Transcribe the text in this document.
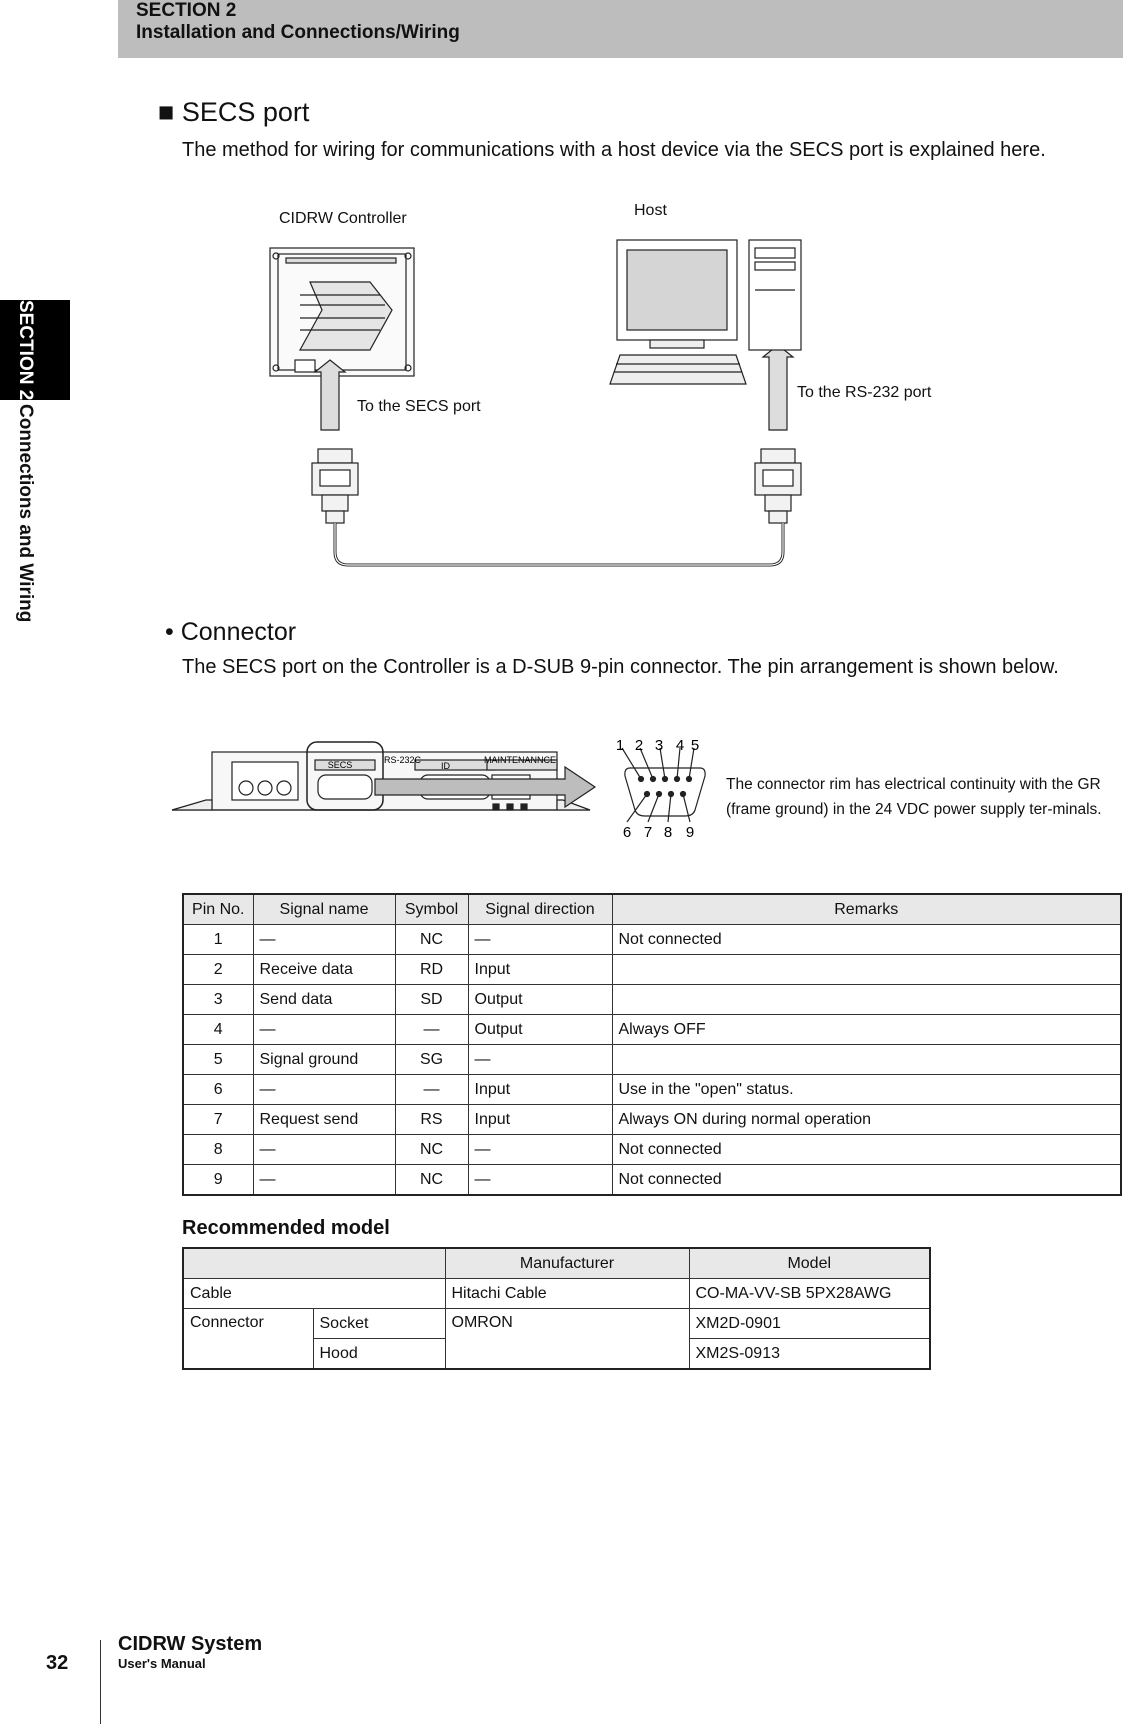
SECTION 2
Installation and Connections/Wiring
SECTION 2Connections and Wiring
■ SECS port
The method for wiring for communications with a host device via the SECS port is explained here.
CIDRW Controller	Host
To the SECS port
To the RS-232 port
• Connector
The SECS port on the Controller is a D-SUB 9-pin connector. The pin arrangement is shown below.
SECS	RS-232C
ID
MAINTENANNCE
1 2 3 4 5
6 7 8 9
The connector rim has electrical continuity with the GR (frame ground) in the 24 VDC power supply ter-minals.
Pin No.	Signal name	Symbol	Signal direction	Remarks
1	—	NC	—	Not connected
2	Receive data	RD	Input	
3	Send data	SD	Output	
4	—	—	Output	Always OFF
5	Signal ground	SG	—	
6	—	—	Input	Use in the "open" status.
7	Request send	RS	Input	Always ON during normal operation
8	—	NC	—	Not connected
9	—	NC	—	Not connected
Recommended model
		Manufacturer	Model
Cable		Hitachi Cable	CO-MA-VV-SB 5PX28AWG
Connector	Socket	OMRON	XM2D-0901
	Hood		XM2S-0913
32
CIDRW System
User's Manual
